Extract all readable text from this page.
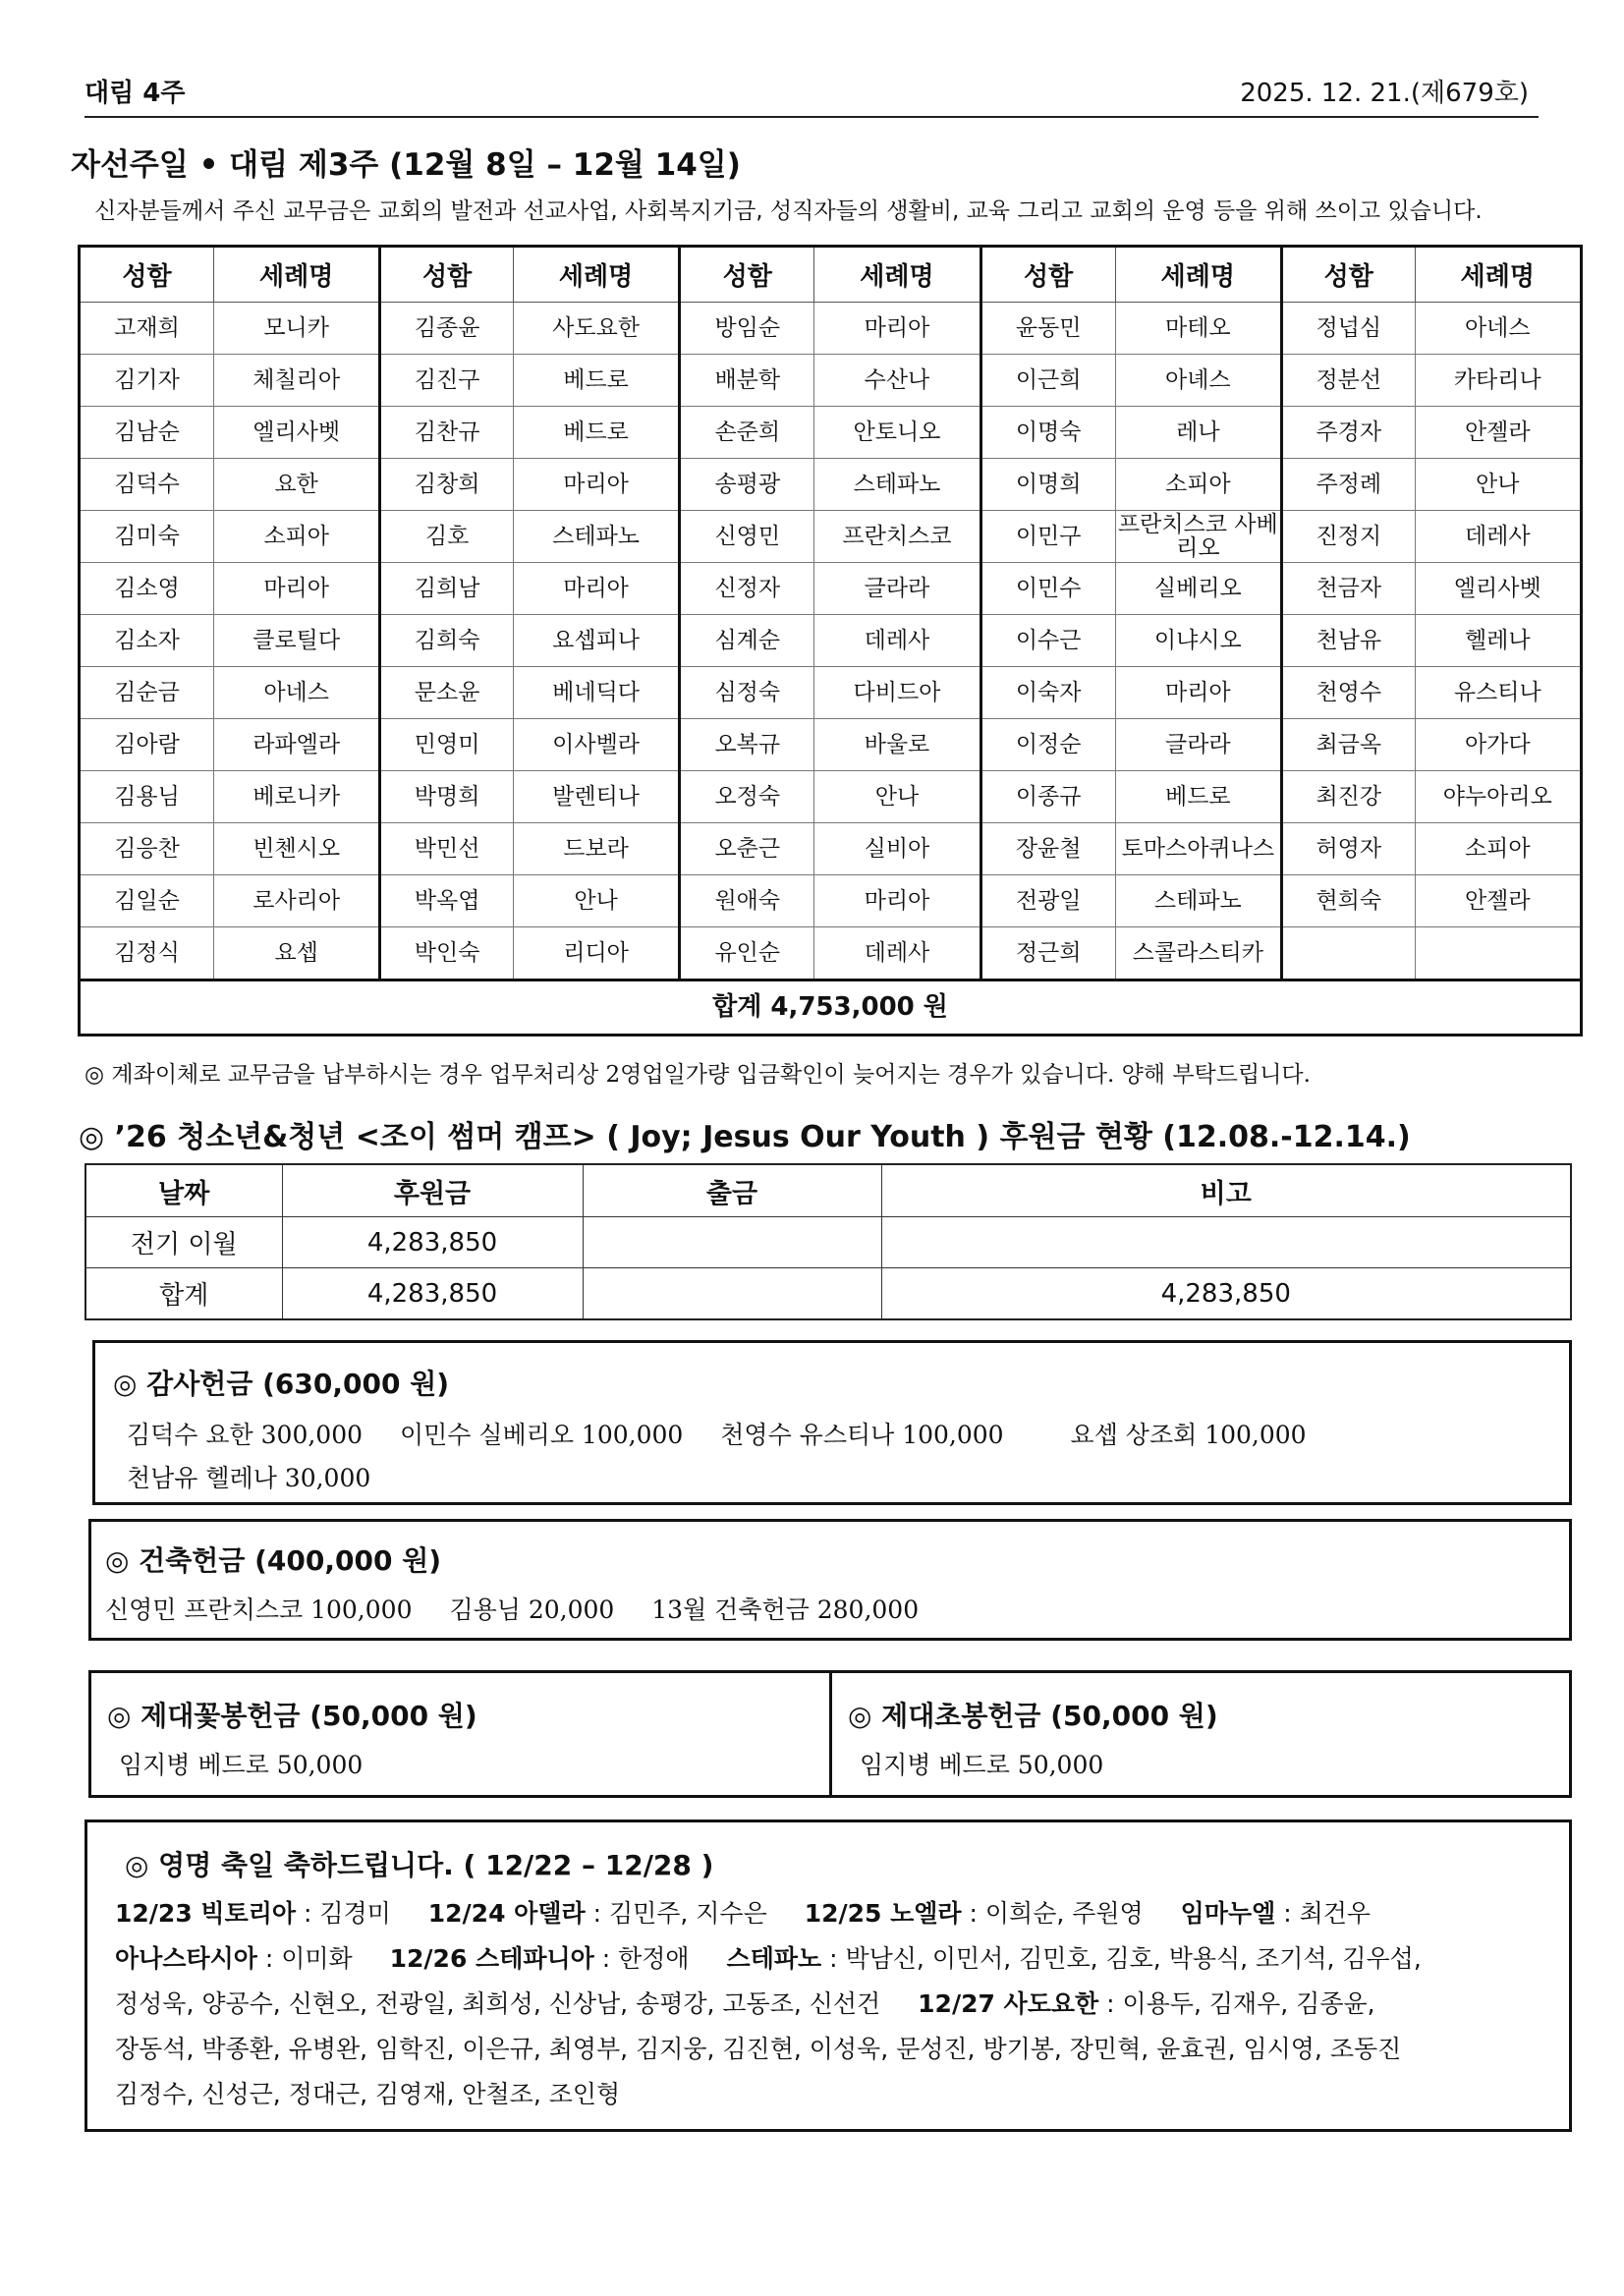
대림 4주	2025. 12. 21.(제679호)
자선주일 • 대림 제3주 (12월 8일 – 12월 14일)
신자분들께서 주신 교무금은 교회의 발전과 선교사업, 사회복지기금, 성직자들의 생활비, 교육 그리고 교회의 운영 등을 위해 쓰이고 있습니다.
성함	세례명	성함	세례명	성함	세례명	성함	세례명	성함	세례명
고재희	모니카	김종윤	사도요한	방임순	마리아	윤동민	마테오	정넙심	아네스
김기자	체칠리아	김진구	베드로	배분학	수산나	이근희	아녜스	정분선	카타리나
김남순	엘리사벳	김찬규	베드로	손준희	안토니오	이명숙	레나	주경자	안젤라
김덕수	요한	김창희	마리아	송평광	스테파노	이명희	소피아	주정례	안나
김미숙	소피아	김호	스테파노	신영민	프란치스코	이민구	프란치스코 사베리오	진정지	데레사
김소영	마리아	김희남	마리아	신정자	글라라	이민수	실베리오	천금자	엘리사벳
김소자	클로틸다	김희숙	요셉피나	심계순	데레사	이수근	이냐시오	천남유	헬레나
김순금	아네스	문소윤	베네딕다	심정숙	다비드아	이숙자	마리아	천영수	유스티나
김아람	라파엘라	민영미	이사벨라	오복규	바울로	이정순	글라라	최금옥	아가다
김용님	베로니카	박명희	발렌티나	오정숙	안나	이종규	베드로	최진강	야누아리오
김응찬	빈첸시오	박민선	드보라	오춘근	실비아	장윤철	토마스아퀴나스	허영자	소피아
김일순	로사리아	박옥엽	안나	원애숙	마리아	전광일	스테파노	현희숙	안젤라
김정식	요셉	박인숙	리디아	유인순	데레사	정근희	스콜라스티카		
합계 4,753,000 원									
◎ 계좌이체로 교무금을 납부하시는 경우 업무처리상 2영업일가량 입금확인이 늦어지는 경우가 있습니다. 양해 부탁드립니다.
◎ ’26 청소년&청년 <조이 썸머 캠프> ( Joy; Jesus Our Youth ) 후원금 현황 (12.08.-12.14.)
날짜	후원금	출금	비고
전기 이월	4,283,850		
합계	4,283,850		4,283,850
◎ 감사헌금 (630,000 원)
김덕수 요한 300,000 이민수 실베리오 100,000 천영수 유스티나 100,000	요셉 상조회 100,000
천남유 헬레나 30,000
◎ 건축헌금 (400,000 원)
신영민 프란치스코 100,000 김용님 20,000 13월 건축헌금 280,000
◎ 제대꽃봉헌금 (50,000 원)
임지병 베드로 50,000
◎ 제대초봉헌금 (50,000 원)
임지병 베드로 50,000
◎ 영명 축일 축하드립니다. ( 12/22 – 12/28 )
12/23 빅토리아 : 김경미 12/24 아델라 : 김민주, 지수은 12/25 노엘라 : 이희순, 주원영 임마누엘 : 최건우
아나스타시아 : 이미화 12/26 스테파니아 : 한정애 스테파노 : 박남신, 이민서, 김민호, 김호, 박용식, 조기석, 김우섭,
정성욱, 양공수, 신현오, 전광일, 최희성, 신상남, 송평강, 고동조, 신선건 12/27 사도요한 : 이용두, 김재우, 김종윤,
장동석, 박종환, 유병완, 임학진, 이은규, 최영부, 김지웅, 김진현, 이성욱, 문성진, 방기봉, 장민혁, 윤효권, 임시영, 조동진
김정수, 신성근, 정대근, 김영재, 안철조, 조인형
